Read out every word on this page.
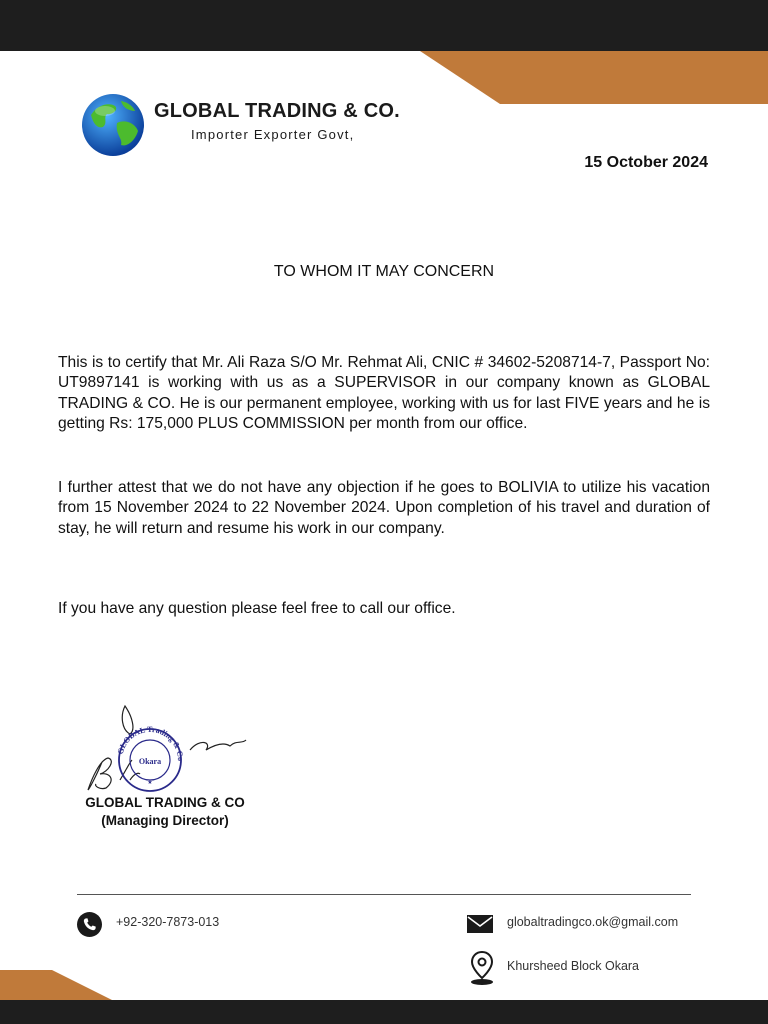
GLOBAL TRADING & CO.
Importer Exporter Govt,
15 October 2024
TO WHOM IT MAY CONCERN

This is to certify that Mr. Ali Raza S/O Mr. Rehmat Ali, CNIC # 34602-5208714-7, Passport No: UT9897141 is working with us as a SUPERVISOR in our company known as GLOBAL TRADING & CO. He is our permanent employee, working with us for last FIVE years and he is getting Rs: 175,000 PLUS COMMISSION per month from our office.

I further attest that we do not have any objection if he goes to BOLIVIA to utilize his vacation from 15 November 2024 to 22 November 2024. Upon completion of his travel and duration of stay, he will return and resume his work in our company.

If you have any question please feel free to call our office.

GLOBAL Trading & Co
Okara
★
GLOBAL TRADING & CO
(Managing Director)
+92-320-7873-013	globaltradingco.ok@gmail.com
Khursheed Block Okara
